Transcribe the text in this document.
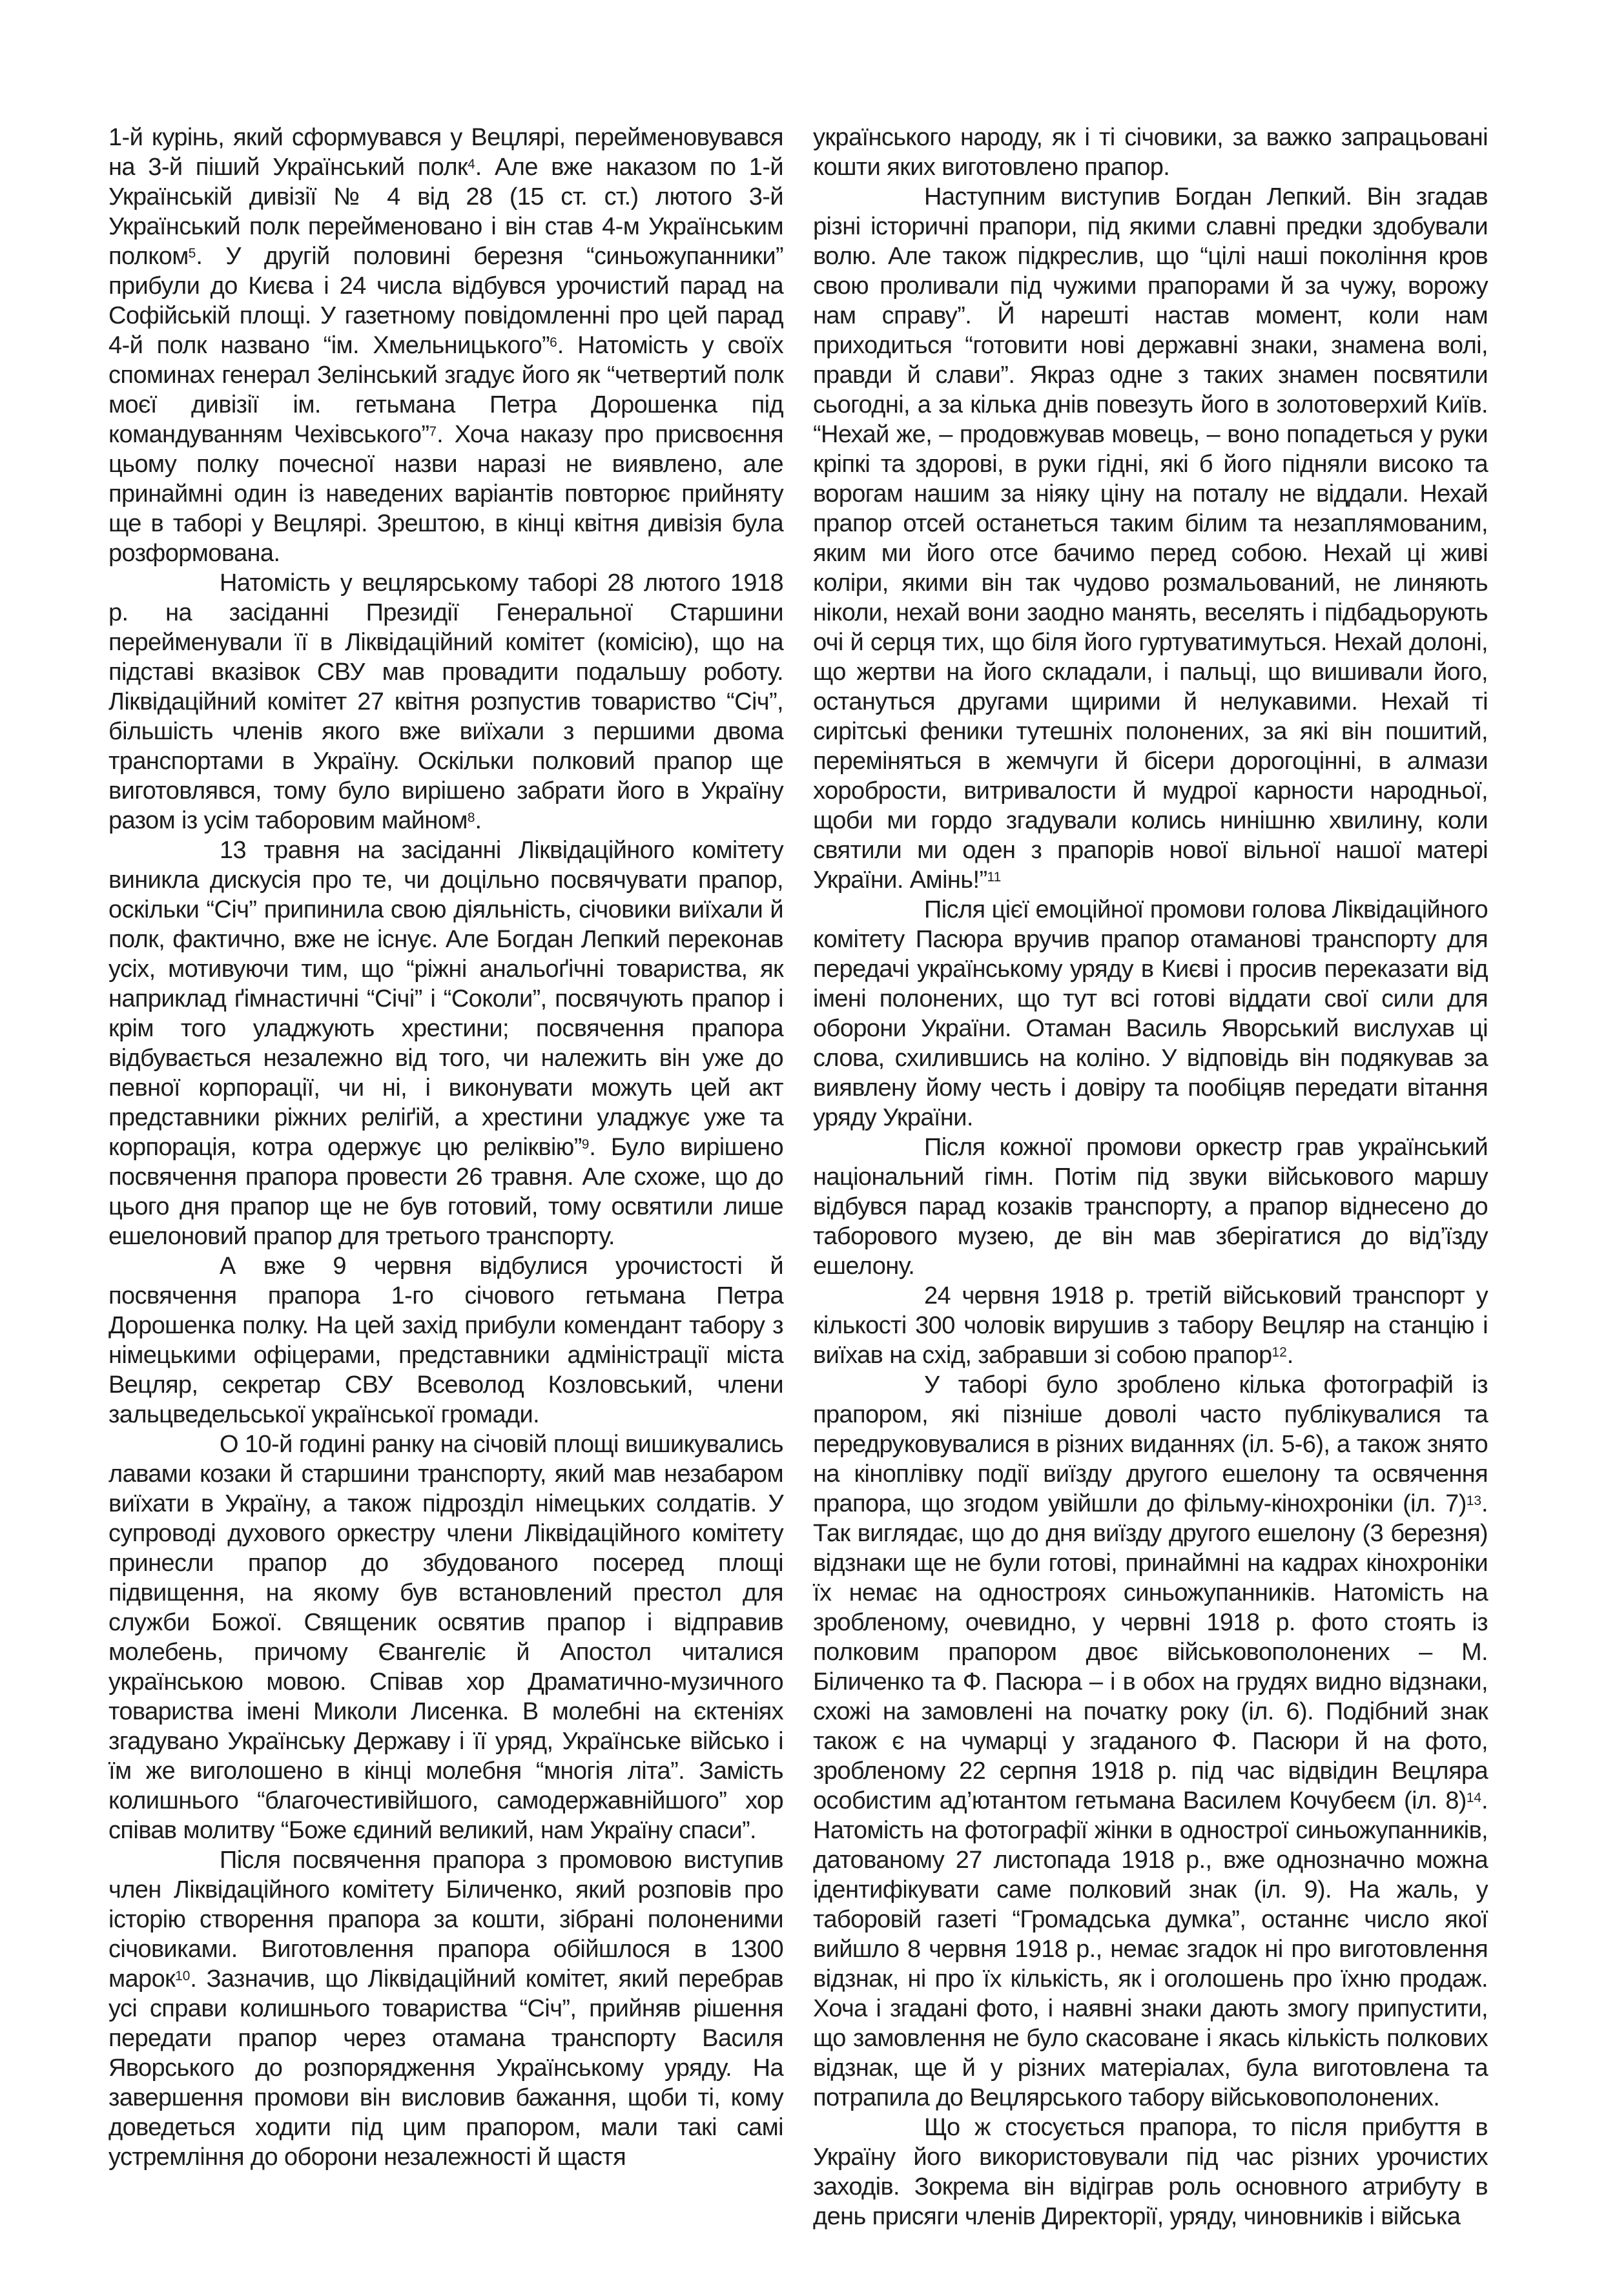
1-й курінь, який сформувався у Вецлярі, перейменовувався на 3-й піший Український полк$^4$. Але вже наказом по 1-й Українській дивізії № 4 від 28 (15 ст. ст.) лютого 3-й Український полк перейменовано і він став 4-м Українським полком$^5$. У другій половині березня “синьожупанники” прибули до Києва і 24 числа відбувся урочистий парад на Софійській площі. У газетному повідомленні про цей парад 4-й полк названо “ім. Хмельницького”$^6$. Натомість у своїх споминах генерал Зелінський згадує його як “четвертий полк моєї дивізії ім. гетьмана Петра Дорошенка під командуванням Чехівського”$^7$. Хоча наказу про присвоєння цьому полку почесної назви наразі не виявлено, але принаймні один із наведених варіантів повторює прийняту ще в таборі у Вецлярі. Зрештою, в кінці квітня дивізія була розформована.

Натомість у вецлярському таборі 28 лютого 1918 р. на засіданні Президії Генеральної Старшини перейменували її в Ліквідаційний комітет (комісію), що на підставі вказівок СВУ мав провадити подальшу роботу. Ліквідаційний комітет 27 квітня розпустив товариство “Січ”, більшість членів якого вже виїхали з першими двома транспортами в Україну. Оскільки полковий прапор ще виготовлявся, тому було вирішено забрати його в Україну разом із усім таборовим майном$^8$.

13 травня на засіданні Ліквідаційного комітету виникла дискусія про те, чи доцільно посвячувати прапор, оскільки “Січ” припинила свою діяльність, січовики виїхали й полк, фактично, вже не існує. Але Богдан Лепкий переконав усіх, мотивуючи тим, що “ріжні анальоґічні товариства, як наприклад ґімнастичні “Січі” і “Соколи”, посвячують прапор і крім того уладжують хрестини; посвячення прапора відбувається незалежно від того, чи належить він уже до певної корпорації, чи ні, і виконувати можуть цей акт представники ріжних реліґій, а хрестини уладжує уже та корпорація, котра одержує цю реліквію”$^9$. Було вирішено посвячення прапора провести 26 травня. Але схоже, що до цього дня прапор ще не був готовий, тому освятили лише ешелоновий прапор для третього транспорту.

А вже 9 червня відбулися урочистості й посвячення прапора 1-го січового гетьмана Петра Дорошенка полку. На цей захід прибули комендант табору з німецькими офіцерами, представники адміністрації міста Вецляр, секретар СВУ Всеволод Козловський, члени зальцведельської української громади.

О 10-й годині ранку на січовій площі вишикувались лавами козаки й старшини транспорту, який мав незабаром виїхати в Україну, а також підрозділ німецьких солдатів. У супроводі духового оркестру члени Ліквідаційного комітету принесли прапор до збудованого посеред площі підвищення, на якому був встановлений престол для служби Божої. Священик освятив прапор і відправив молебень, причому Євангеліє й Апостол читалися українською мовою. Співав хор Драматично-музичного товариства імені Миколи Лисенка. В молебні на єктеніях згадувано Українську Державу і її уряд, Українське військо і їм же виголошено в кінці молебня “многія літа”. Замість колишнього “благочестивійшого, самодержавнійшого” хор співав молитву “Боже єдиний великий, нам Україну спаси”.

Після посвячення прапора з промовою виступив член Ліквідаційного комітету Біличенко, який розповів про історію створення прапора за кошти, зібрані полоненими січовиками. Виготовлення прапора обійшлося в 1300 марок$^{10}$. Зазначив, що Ліквідаційний комітет, який перебрав усі справи колишнього товариства “Січ”, прийняв рішення передати прапор через отамана транспорту Василя Яворського до розпорядження Українському уряду. На завершення промови він висловив бажання, щоби ті, кому доведеться ходити під цим прапором, мали такі самі устремління до оборони незалежності й щастя

українського народу, як і ті січовики, за важко запрацьовані кошти яких виготовлено прапор.

Наступним виступив Богдан Лепкий. Він згадав різні історичні прапори, під якими славні предки здобували волю. Але також підкреслив, що “цілі наші покоління кров свою проливали під чужими прапорами й за чужу, ворожу нам справу”. Й нарешті настав момент, коли нам приходиться “готовити нові державні знаки, знамена волі, правди й слави”. Якраз одне з таких знамен посвятили сьогодні, а за кілька днів повезуть його в золотоверхий Київ. “Нехай же, – продовжував мовець, – воно попадеться у руки кріпкі та здорові, в руки гідні, які б його підняли високо та ворогам нашим за ніяку ціну на поталу не віддали. Нехай прапор отсей останеться таким білим та незаплямованим, яким ми його отсе бачимо перед собою. Нехай ці живі коліри, якими він так чудово розмальований, не линяють ніколи, нехай вони заодно манять, веселять і підбадьорують очі й серця тих, що біля його гуртуватимуться. Нехай долоні, що жертви на його складали, і пальці, що вишивали його, остануться другами щирими й нелукавими. Нехай ті сирітські феники тутешніх полонених, за які він пошитий, переміняться в жемчуги й бісери дорогоцінні, в алмази хоробрости, витривалости й мудрої карности народньої, щоби ми гордо згадували колись нинішню хвилину, коли святили ми оден з прапорів нової вільної нашої матері України. Амінь!”$^{11}$

Після цієї емоційної промови голова Ліквідаційного комітету Пасюра вручив прапор отаманові транспорту для передачі українському уряду в Києві і просив переказати від імені полонених, що тут всі готові віддати свої сили для оборони України. Отаман Василь Яворський вислухав ці слова, схилившись на коліно. У відповідь він подякував за виявлену йому честь і довіру та пообіцяв передати вітання уряду України.

Після кожної промови оркестр грав український національний гімн. Потім під звуки військового маршу відбувся парад козаків транспорту, а прапор віднесено до таборового музею, де він мав зберігатися до від’їзду ешелону.

24 червня 1918 р. третій військовий транспорт у кількості 300 чоловік вирушив з табору Вецляр на станцію і виїхав на схід, забравши зі собою прапор$^{12}$.

У таборі було зроблено кілька фотографій із прапором, які пізніше доволі часто публікувалися та передруковувалися в різних виданнях (іл. 5-6), а також знято на кіноплівку події виїзду другого ешелону та освячення прапора, що згодом увійшли до фільму-кінохроніки (іл. 7)$^{13}$. Так виглядає, що до дня виїзду другого ешелону (3 березня) відзнаки ще не були готові, принаймні на кадрах кінохроніки їх немає на одностроях синьожупанників. Натомість на зробленому, очевидно, у червні 1918 р. фото стоять із полковим прапором двоє військовополонених – М. Біличенко та Ф. Пасюра – і в обох на грудях видно відзнаки, схожі на замовлені на початку року (іл. 6). Подібний знак також є на чумарці у згаданого Ф. Пасюри й на фото, зробленому 22 серпня 1918 р. під час відвідин Вецляра особистим ад’ютантом гетьмана Василем Кочубеєм (іл. 8)$^{14}$. Натомість на фотографії жінки в однострої синьожупанників, датованому 27 листопада 1918 р., вже однозначно можна ідентифікувати саме полковий знак (іл. 9). На жаль, у таборовій газеті “Громадська думка”, останнє число якої вийшло 8 червня 1918 р., немає згадок ні про виготовлення відзнак, ні про їх кількість, як і оголошень про їхню продаж. Хоча і згадані фото, і наявні знаки дають змогу припустити, що замовлення не було скасоване і якась кількість полкових відзнак, ще й у різних матеріалах, була виготовлена та потрапила до Вецлярського табору військовополонених.

Що ж стосується прапора, то після прибуття в Україну його використовували під час різних урочистих заходів. Зокрема він відіграв роль основного атрибуту в день присяги членів Директорії, уряду, чиновників і війська
